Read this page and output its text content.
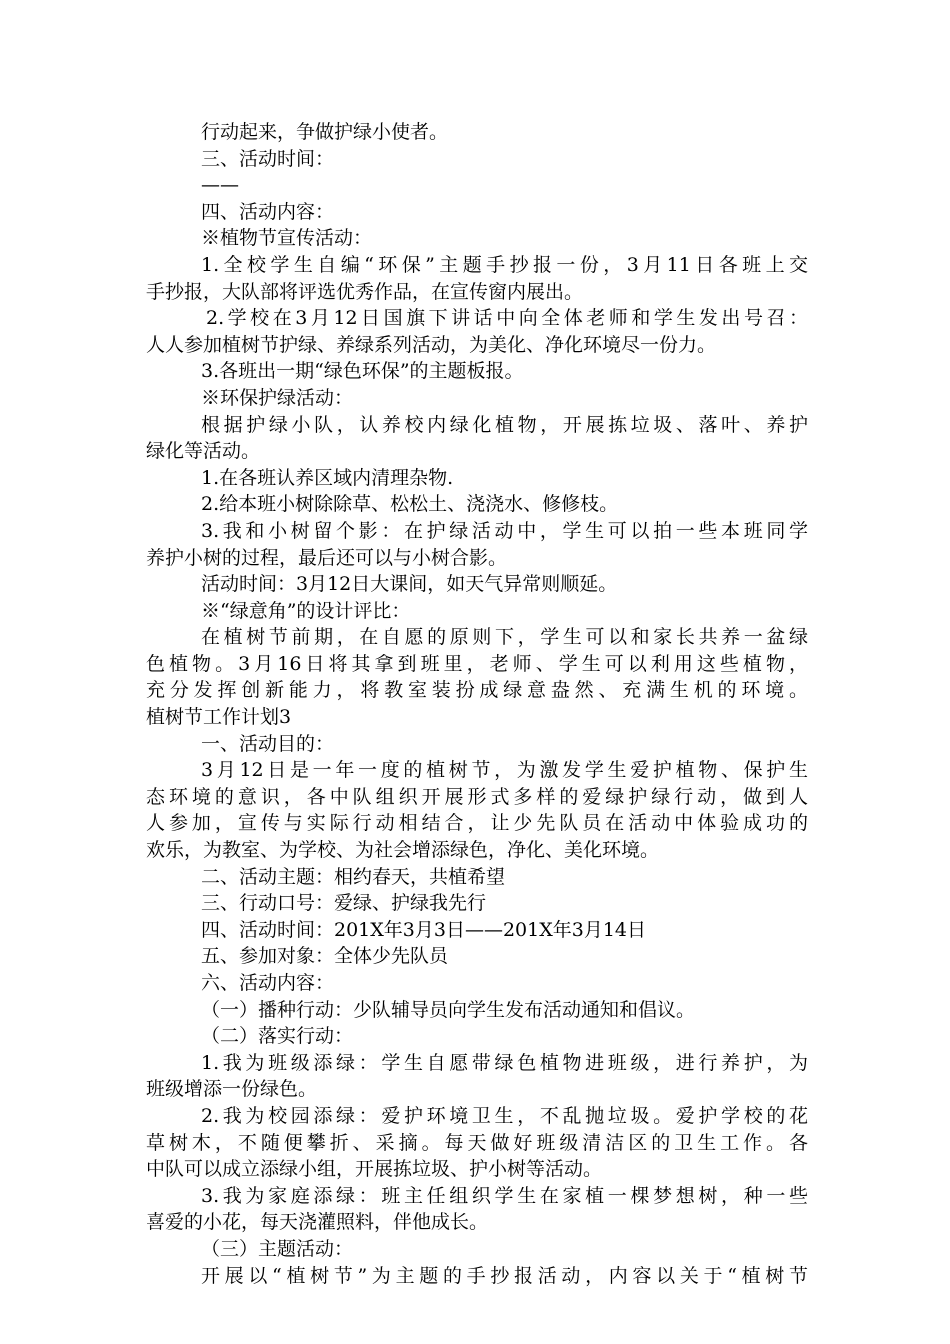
行动起来，争做护绿小使者。
三、活动时间：
——
四、活动内容：
※植物节宣传活动：
1.全校学生自编“环保”主题手抄报一份，3月11日各班上交
手抄报，大队部将评选优秀作品，在宣传窗内展出。
2.学校在3月12日国旗下讲话中向全体老师和学生发出号召：
人人参加植树节护绿、养绿系列活动，为美化、净化环境尽一份力。
3.各班出一期“绿色环保”的主题板报。
※环保护绿活动：
根据护绿小队，认养校内绿化植物，开展拣垃圾、落叶、养护
绿化等活动。
1.在各班认养区域内清理杂物.
2.给本班小树除除草、松松土、浇浇水、修修枝。
3.我和小树留个影：在护绿活动中，学生可以拍一些本班同学
养护小树的过程，最后还可以与小树合影。
活动时间：3月12日大课间，如天气异常则顺延。
※“绿意角”的设计评比：
在植树节前期，在自愿的原则下，学生可以和家长共养一盆绿
色植物。3月16日将其拿到班里，老师、学生可以利用这些植物，
充分发挥创新能力，将教室装扮成绿意盎然、充满生机的环境。
植树节工作计划3
一、活动目的：
3月12日是一年一度的植树节，为激发学生爱护植物、保护生
态环境的意识，各中队组织开展形式多样的爱绿护绿行动，做到人
人参加，宣传与实际行动相结合，让少先队员在活动中体验成功的
欢乐，为教室、为学校、为社会增添绿色，净化、美化环境。
二、活动主题：相约春天，共植希望
三、行动口号：爱绿、护绿我先行
四、活动时间：201X年3月3日——201X年3月14日
五、参加对象：全体少先队员
六、活动内容：
（一）播种行动：少队辅导员向学生发布活动通知和倡议。
（二）落实行动：
1.我为班级添绿：学生自愿带绿色植物进班级，进行养护，为
班级增添一份绿色。
2.我为校园添绿：爱护环境卫生，不乱抛垃圾。爱护学校的花
草树木，不随便攀折、采摘。每天做好班级清洁区的卫生工作。各
中队可以成立添绿小组，开展拣垃圾、护小树等活动。
3.我为家庭添绿：班主任组织学生在家植一棵梦想树，种一些
喜爱的小花，每天浇灌照料，伴他成长。
（三）主题活动：
开展以“植树节”为主题的手抄报活动，内容以关于“植树节
